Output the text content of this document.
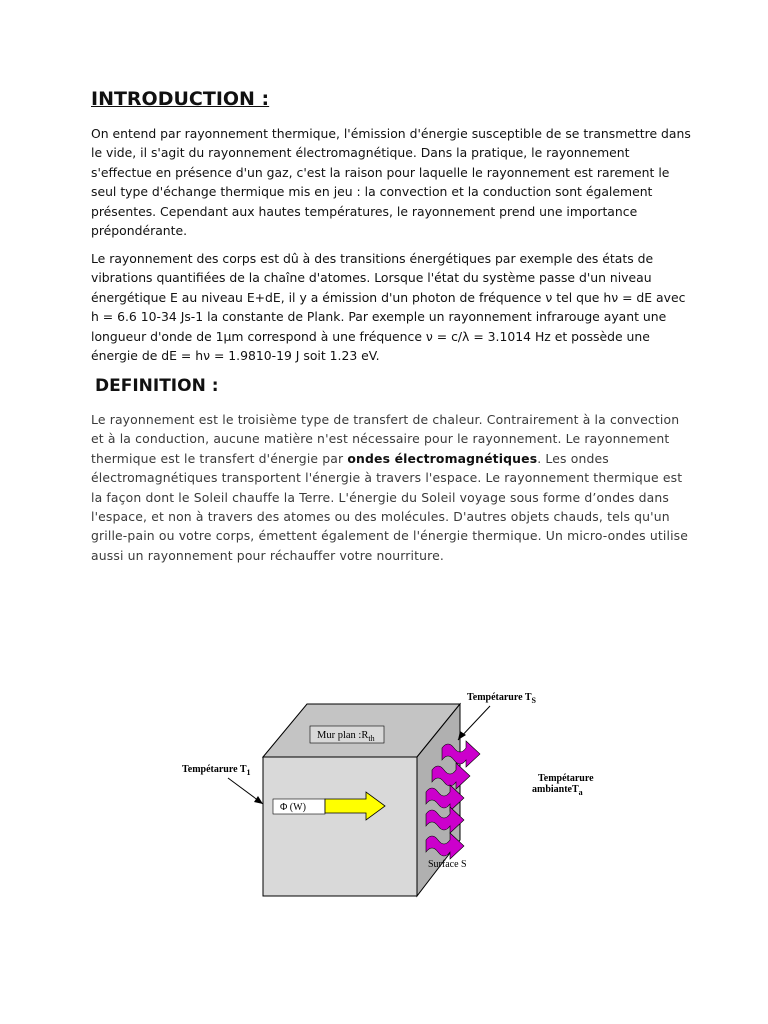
INTRODUCTION :
On entend par rayonnement thermique, l'émission d'énergie susceptible de se transmettre dans le vide, il s'agit du rayonnement électromagnétique. Dans la pratique, le rayonnement s'effectue en présence d'un gaz, c'est la raison pour laquelle le rayonnement est rarement le seul type d'échange thermique mis en jeu : la convection et la conduction sont également présentes. Cependant aux hautes températures, le rayonnement prend une importance prépondérante.
Le rayonnement des corps est dû à des transitions énergétiques par exemple des états de vibrations quantifiées de la chaîne d'atomes. Lorsque l'état du système passe d'un niveau énergétique E au niveau E+dE, il y a émission d'un photon de fréquence ν tel que hν = dE avec h = 6.6 10-34 Js-1 la constante de Plank. Par exemple un rayonnement infrarouge ayant une longueur d'onde de 1µm correspond à une fréquence ν = c/λ = 3.1014 Hz et possède une énergie de dE = hν = 1.9810-19 J soit 1.23 eV.
DEFINITION :
Le rayonnement est le troisième type de transfert de chaleur. Contrairement à la convection et à la conduction, aucune matière n'est nécessaire pour le rayonnement. Le rayonnement thermique est le transfert d'énergie par ondes électromagnétiques. Les ondes électromagnétiques transportent l'énergie à travers l'espace. Le rayonnement thermique est la façon dont le Soleil chauffe la Terre. L'énergie du Soleil voyage sous forme d’ondes dans l'espace, et non à travers des atomes ou des molécules. D'autres objets chauds, tels qu'un grille-pain ou votre corps, émettent également de l'énergie thermique. Un micro-ondes utilise aussi un rayonnement pour réchauffer votre nourriture.
Mur plan $:R_{th}$
Φ (W)
Tempétarure $T_1$
Tempétarure $T_S$
Tempétarure
ambianteT$_a$
Surface S
